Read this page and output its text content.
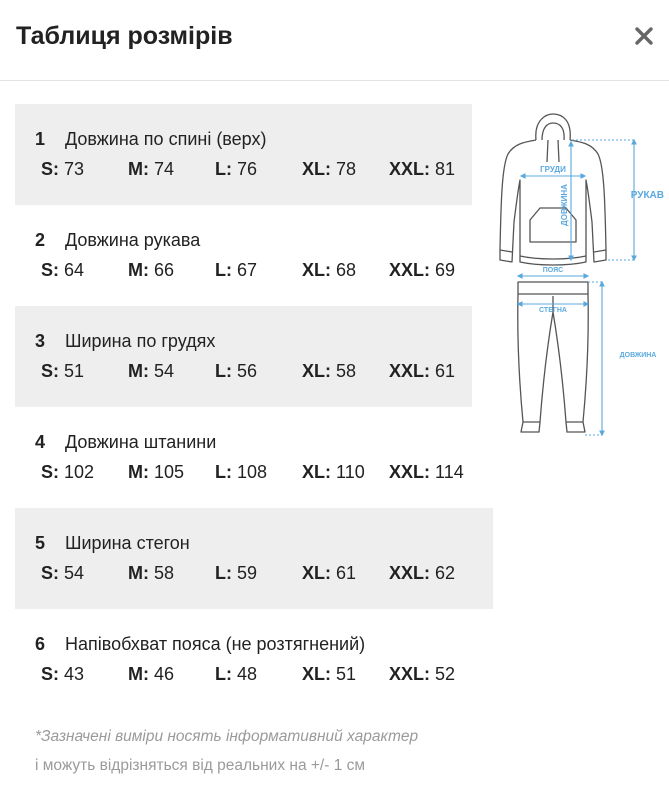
Таблиця розмірів
1 Довжина по спині (верх)
S: 73 M: 74 L: 76 XL: 78 XXL: 81
2 Довжина рукава
S: 64 M: 66 L: 67 XL: 68 XXL: 69
3 Ширина по грудях
S: 51 M: 54 L: 56 XL: 58 XXL: 61
4 Довжина штанини
S: 102 M: 105 L: 108 XL: 110 XXL: 114
5 Ширина стегон
S: 54 M: 58 L: 59 XL: 61 XXL: 62
6 Напівобхват пояса (не розтягнений)
S: 43 M: 46 L: 48 XL: 51 XXL: 52
ГРУДИ
ДОВЖИНА	РУКАВ
ПОЯС
СТЕГНА
ДОВЖИНА
*Зазначені виміри носять інформативний характер
і можуть відрізняться від реальних на +/- 1 см
